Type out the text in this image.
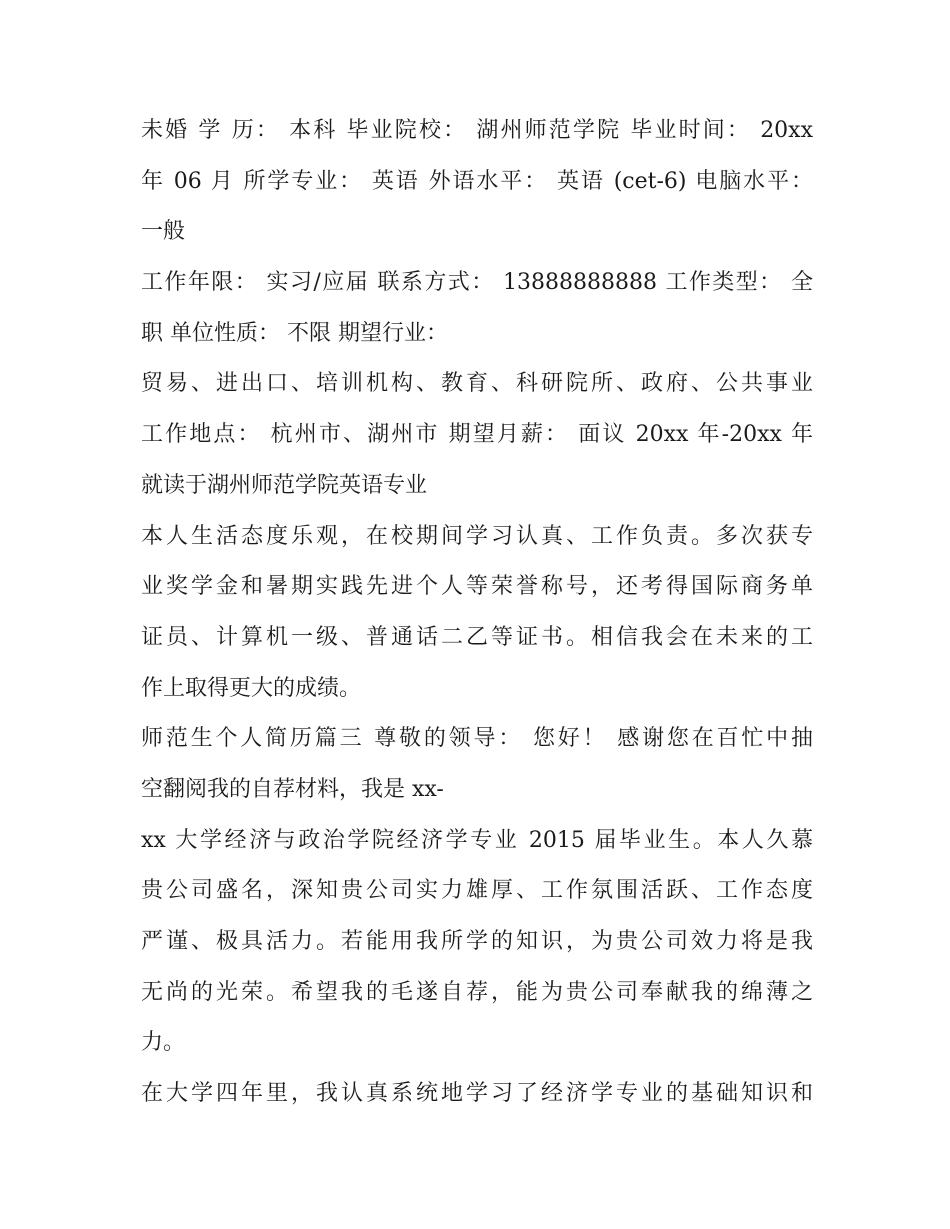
未婚 学 历： 本科 毕业院校： 湖州师范学院 毕业时间： 20xx
年 06 月 所学专业： 英语 外语水平： 英语 (cet-6) 电脑水平：
一般
工作年限： 实习/应届 联系方式： 13888888888 工作类型： 全
职 单位性质： 不限 期望行业：
贸易、进出口、培训机构、教育、科研院所、政府、公共事业
工作地点： 杭州市、湖州市 期望月薪： 面议 20xx 年-20xx 年
就读于湖州师范学院英语专业
本人生活态度乐观，在校期间学习认真、工作负责。多次获专
业奖学金和暑期实践先进个人等荣誉称号，还考得国际商务单
证员、计算机一级、普通话二乙等证书。相信我会在未来的工
作上取得更大的成绩。
师范生个人简历篇三 尊敬的领导： 您好！ 感谢您在百忙中抽
空翻阅我的自荐材料，我是 xx-
xx 大学经济与政治学院经济学专业 2015 届毕业生。本人久慕
贵公司盛名，深知贵公司实力雄厚、工作氛围活跃、工作态度
严谨、极具活力。若能用我所学的知识，为贵公司效力将是我
无尚的光荣。希望我的毛遂自荐，能为贵公司奉献我的绵薄之
力。
在大学四年里，我认真系统地学习了经济学专业的基础知识和
